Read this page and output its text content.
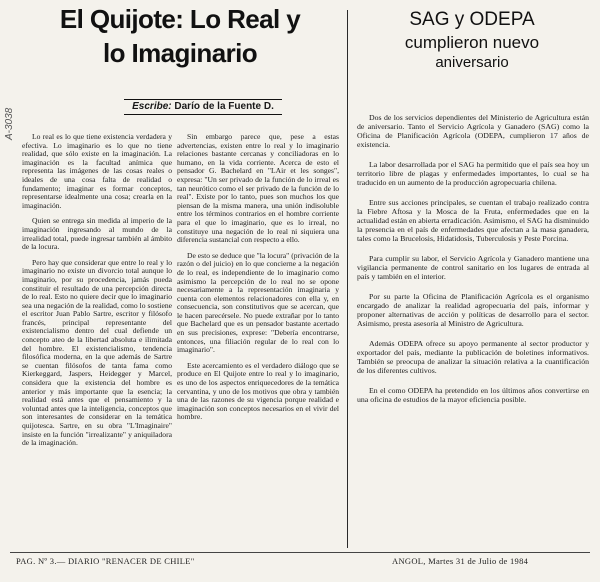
A-3038
El Quijote: Lo Real y
lo Imaginario
Escribe: Darío de la Fuente D.

Lo real es lo que tiene existencia verdadera y efectiva. Lo imaginario es lo que no tiene realidad, que sólo existe en la imaginación. La imaginación es la facultad anímica que representa las imágenes de las cosas reales o ideales de una cosa falta de realidad o fundamento; imaginar es formar conceptos, representarse idealmente una cosa; crearla en la imaginación.

Quien se entrega sin medida al imperio de la imaginación ingresando al mundo de la irrealidad total, puede ingresar también al ámbito de la locura.

Pero hay que considerar que entre lo real y lo imaginario no existe un divorcio total aunque lo imaginario, por su procedencia, jamás pueda constituir el resultado de una percepción directa de lo real. Esto no quiere decir que lo imaginario sea una negación de la realidad, como lo sostiene el escritor Juan Pablo Sartre, escritor y filósofo francés, principal representante del existencialismo dentro del cual defiende un concepto ateo de la libertad absoluta e ilimitada del hombre. El existencialismo, tendencia filosófica moderna, en la que además de Sartre se cuentan filósofos de tanta fama como Kierkeggard, Jaspers, Heidegger y Marcel, considera que la existencia del hombre es anterior y más importante que la esencia; la realidad está antes que el pensamiento y la voluntad antes que la inteligencia, conceptos que son interesantes de considerar en la temática quijotesca. Sartre, en su obra "L'Imaginaire" insiste en la función "irrealizante" y aniquiladora de la imaginación.

Sin embargo parece que, pese a estas advertencias, existen entre lo real y lo imaginario relaciones bastante cercanas y conciliadoras en lo humano, en la vida corriente. Acerca de esto el pensador G. Bachelard en "LAir et les songes", expresa: "Un ser privado de la función de lo irreal es tan neurótico como el ser privado de la función de lo real". Existe por lo tanto, pues son muchos los que piensan de la misma manera, una unión indisoluble entre los términos contrarios en el hombre corriente para el que lo imaginario, que es lo irreal, no constituye una negación de lo real ni siquiera una diferencia sustancial con respecto a ello.

De esto se deduce que "la locura" (privación de la razón o del juicio) en lo que concierne a la negación de lo real, es independiente de lo imaginario como asimismo la percepción de lo real no se opone necesariamente a la representación imaginaria y cuenta con elementos relacionadores con ella y, en consecuencia, son constitutivos que se acercan, que le hacen parecérsele. No puede extrañar por lo tanto que Bachelard que es un pensador bastante acertado en sus precisiones, exprese: "Debería encontrarse, entonces, una filiación regular de lo real con lo imaginario".

Este acercamiento es el verdadero diálogo que se produce en El Quijote entre lo real y lo imaginario, es uno de los aspectos enriquecedores de la temática cervantina, y uno de los motivos que obra y también una de las razones de su vigencia porque realidad e imaginación son conceptos necesarios en el vivir del hombre.

SAG y ODEPA
cumplieron nuevo
aniversario

Dos de los servicios dependientes del Ministerio de Agricultura están de aniversario. Tanto el Servicio Agrícola y Ganadero (SAG) como la Oficina de Planificación Agrícola (ODEPA, cumplieron 17 años de existencia.

La labor desarrollada por el SAG ha permitido que el país sea hoy un territorio libre de plagas y enfermedades importantes, lo cual se ha traducido en un aumento de la producción agropecuaria chilena.

Entre sus acciones principales, se cuentan el trabajo realizado contra la Fiebre Aftosa y la Mosca de la Fruta, enfermedades que en la actualidad están en abierta erradicación. Asimismo, el SAG ha disminuido la presencia en el país de enfermedades que afectan a la masa ganadera, tales como la Brucelosis, Hidatidosis, Tuberculosis y Peste Porcina.

Para cumplir su labor, el Servicio Agrícola y Ganadero mantiene una vigilancia permanente de control sanitario en los lugares de entrada al país y también en el interior.

Por su parte la Oficina de Planificación Agrícola es el organismo encargado de analizar la realidad agropecuaria del país, informar y proponer alternativas de acción y políticas de desarrollo para el sector. Asimismo, presta asesoría al Ministro de Agricultura.

Además ODEPA ofrece su apoyo permanente al sector productor y exportador del país, mediante la publicación de boletines informativos. También se preocupa de analizar la situación relativa a la cuantificación de los diferentes cultivos.

En el como ODEPA ha pretendido en los últimos años convertirse en una oficina de estudios de la mayor eficiencia posible.

PAG. Nº 3.— DIARIO "RENACER DE CHILE"	ANGOL, Martes 31 de Julio de 1984
